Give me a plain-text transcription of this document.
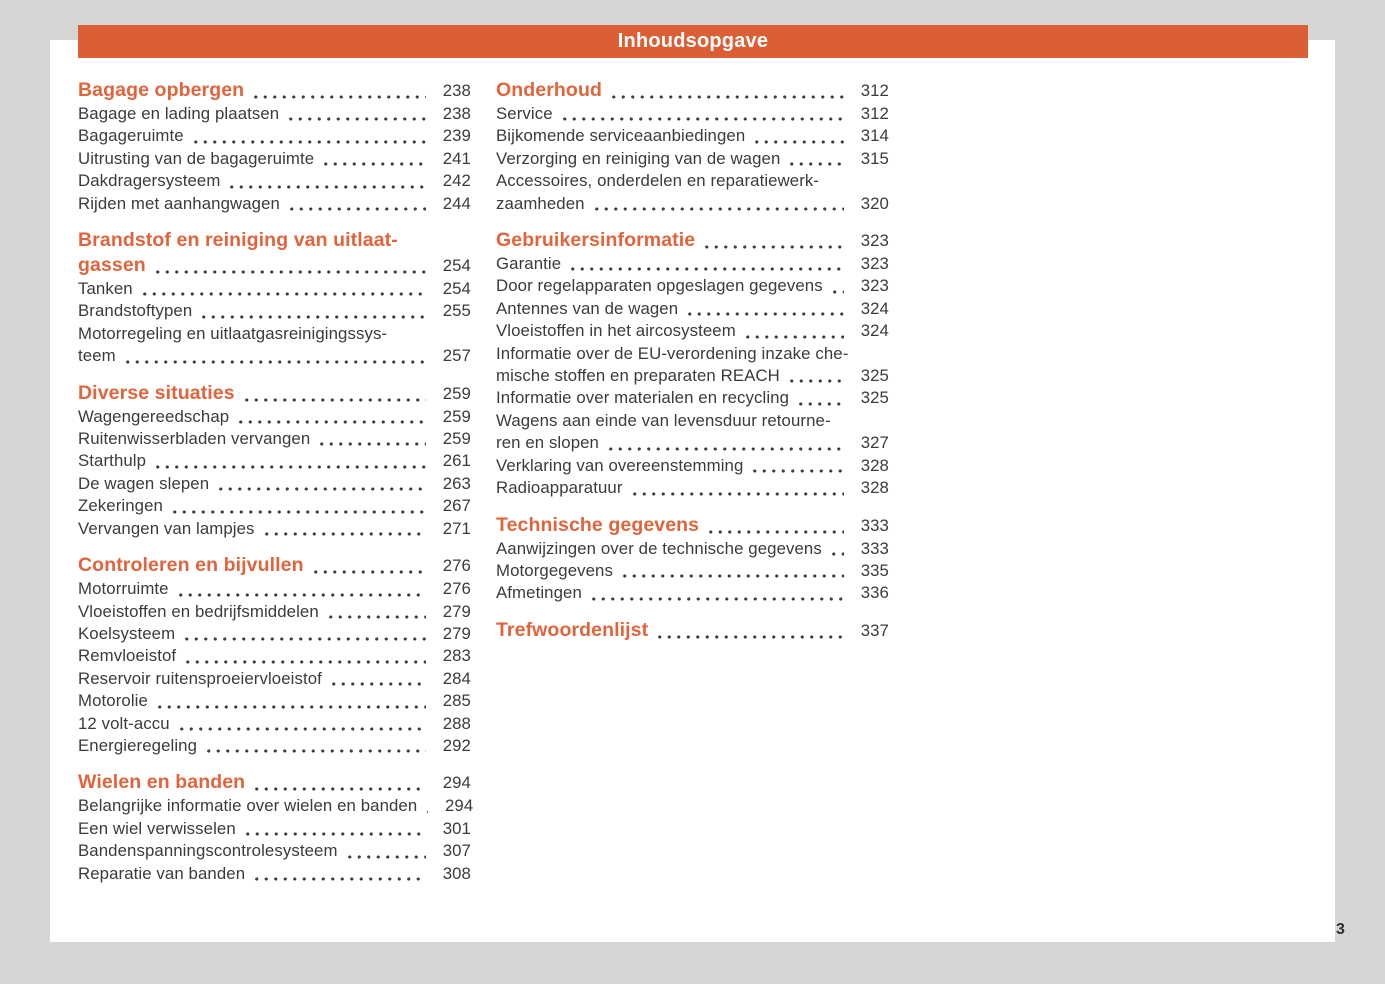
Inhoudsopgave
Bagage opbergen	238
Bagage en lading plaatsen	238
Bagageruimte	239
Uitrusting van de bagageruimte	241
Dakdragersysteem	242
Rijden met aanhangwagen	244
Brandstof en reiniging van uitlaat-
gassen	254
Tanken	254
Brandstoftypen	255
Motorregeling en uitlaatgasreinigingssys-
teem	257
Diverse situaties	259
Wagengereedschap	259
Ruitenwisserbladen vervangen	259
Starthulp	261
De wagen slepen	263
Zekeringen	267
Vervangen van lampjes	271
Controleren en bijvullen	276
Motorruimte	276
Vloeistoffen en bedrijfsmiddelen	279
Koelsysteem	279
Remvloeistof	283
Reservoir ruitensproeiervloeistof	284
Motorolie	285
12 volt-accu	288
Energieregeling	292
Wielen en banden	294
Belangrijke informatie over wielen en banden	294
Een wiel verwisselen	301
Bandenspanningscontrolesysteem	307
Reparatie van banden	308
Onderhoud	312
Service	312
Bijkomende serviceaanbiedingen	314
Verzorging en reiniging van de wagen	315
Accessoires, onderdelen en reparatiewerk-
zaamheden	320
Gebruikersinformatie	323
Garantie	323
Door regelapparaten opgeslagen gegevens	323
Antennes van de wagen	324
Vloeistoffen in het aircosysteem	324
Informatie over de EU-verordening inzake che-
mische stoffen en preparaten REACH	325
Informatie over materialen en recycling	325
Wagens aan einde van levensduur retourne-
ren en slopen	327
Verklaring van overeenstemming	328
Radioapparatuur	328
Technische gegevens	333
Aanwijzingen over de technische gegevens	333
Motorgegevens	335
Afmetingen	336
Trefwoordenlijst	337
3
